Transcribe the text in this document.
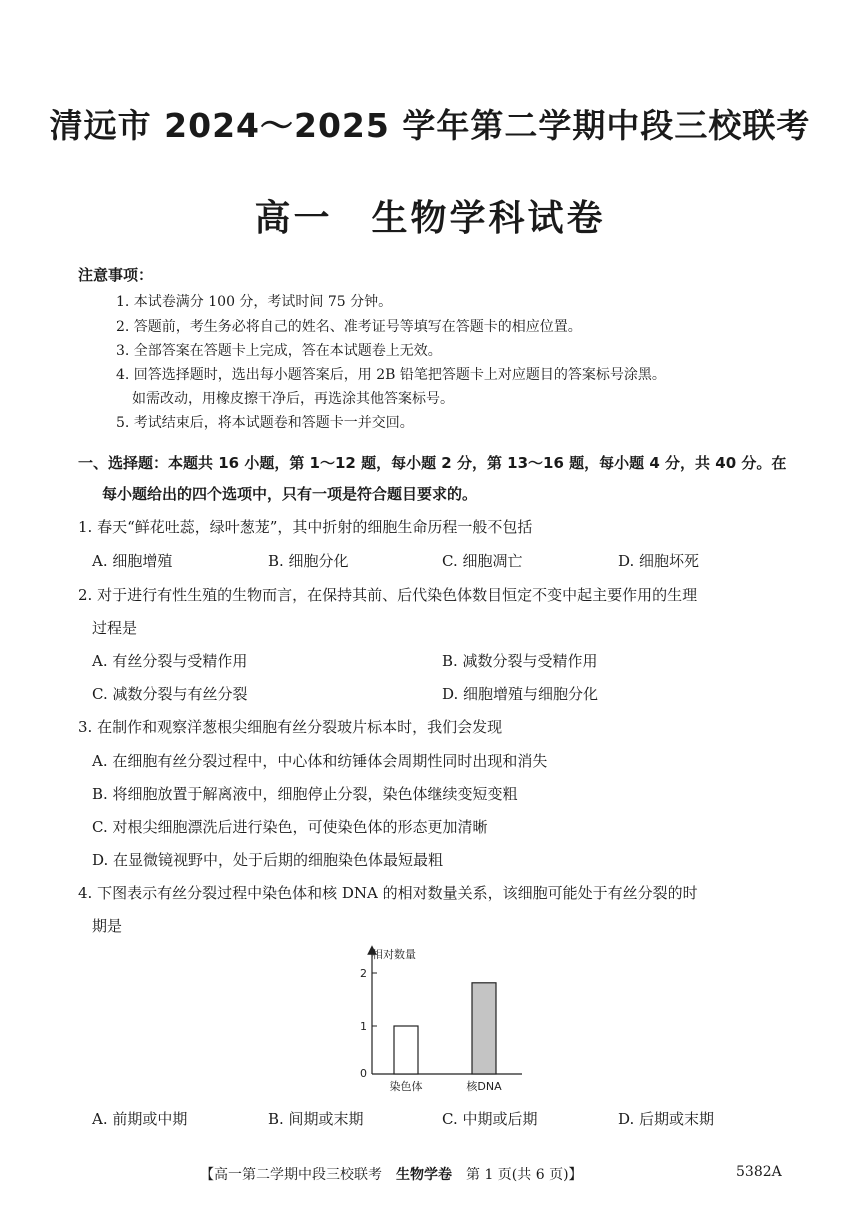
清远市 2024～2025 学年第二学期中段三校联考
高一　生物学科试卷
注意事项：
1. 本试卷满分 100 分，考试时间 75 分钟。
2. 答题前，考生务必将自己的姓名、准考证号等填写在答题卡的相应位置。
3. 全部答案在答题卡上完成，答在本试题卷上无效。
4. 回答选择题时，选出每小题答案后，用 2B 铅笔把答题卡上对应题目的答案标号涂黑。
如需改动，用橡皮擦干净后，再选涂其他答案标号。
5. 考试结束后，将本试题卷和答题卡一并交回。
一、选择题：本题共 16 小题，第 1～12 题，每小题 2 分，第 13～16 题，每小题 4 分，共 40 分。在
每小题给出的四个选项中，只有一项是符合题目要求的。
1. 春天“鲜花吐蕊，绿叶葱茏”，其中折射的细胞生命历程一般不包括
A. 细胞增殖	B. 细胞分化	C. 细胞凋亡	D. 细胞坏死
2. 对于进行有性生殖的生物而言，在保持其前、后代染色体数目恒定不变中起主要作用的生理
过程是
A. 有丝分裂与受精作用	B. 减数分裂与受精作用
C. 减数分裂与有丝分裂	D. 细胞增殖与细胞分化
3. 在制作和观察洋葱根尖细胞有丝分裂玻片标本时，我们会发现
A. 在细胞有丝分裂过程中，中心体和纺锤体会周期性同时出现和消失
B. 将细胞放置于解离液中，细胞停止分裂，染色体继续变短变粗
C. 对根尖细胞漂洗后进行染色，可使染色体的形态更加清晰
D. 在显微镜视野中，处于后期的细胞染色体最短最粗
4. 下图表示有丝分裂过程中染色体和核 DNA 的相对数量关系，该细胞可能处于有丝分裂的时
期是
相对数量
0
1
2
染色体	核DNA
A. 前期或中期	B. 间期或末期	C. 中期或后期	D. 后期或末期
【高一第二学期中段三校联考　生物学卷　第 1 页(共 6 页)】	5382A
